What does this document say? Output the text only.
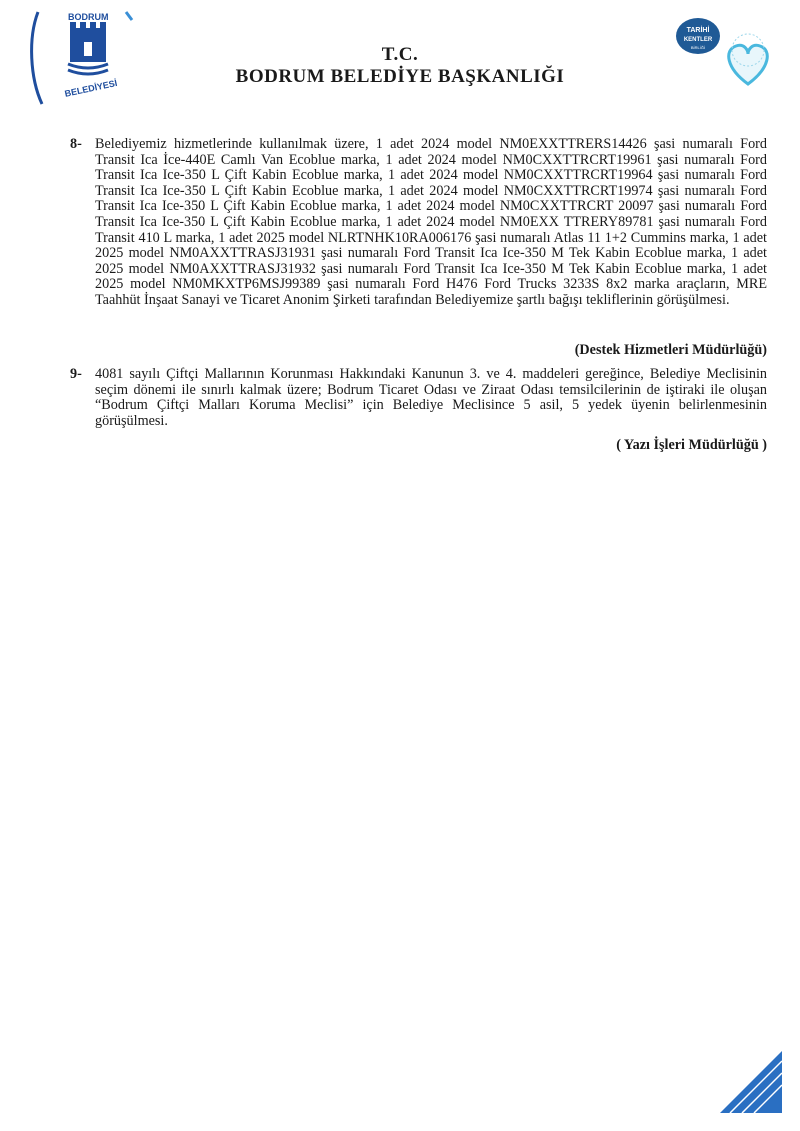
BODRUM
BELEDİYESİ
TARİHİ
KENTLER
BİRLİĞİ
T.C.
BODRUM BELEDİYE BAŞKANLIĞI
8- Belediyemiz hizmetlerinde kullanılmak üzere, 1 adet 2024 model NM0EXXTTRERS14426 şasi numaralı Ford Transit Ica İce-440E Camlı Van Ecoblue marka, 1 adet 2024 model NM0CXXTTRCRT19961 şasi numaralı Ford Transit Ica Ice-350 L Çift Kabin Ecoblue marka, 1 adet 2024 model NM0CXXTTRCRT19964 şasi numaralı Ford Transit Ica Ice-350 L Çift Kabin Ecoblue marka, 1 adet 2024 model NM0CXXTTRCRT19974 şasi numaralı Ford Transit Ica Ice-350 L Çift Kabin Ecoblue marka, 1 adet 2024 model NM0CXXTTRCRT 20097 şasi numaralı Ford Transit Ica Ice-350 L Çift Kabin Ecoblue marka, 1 adet 2024 model NM0EXX TTRERY89781 şasi numaralı Ford Transit 410 L marka, 1 adet 2025 model NLRTNHK10RA006176 şasi numaralı Atlas 11 1+2 Cummins marka, 1 adet 2025 model NM0AXXTTRASJ31931 şasi numaralı Ford Transit Ica Ice-350 M Tek Kabin Ecoblue marka, 1 adet 2025 model NM0AXXTTRASJ31932 şasi numaralı Ford Transit Ica Ice-350 M Tek Kabin Ecoblue marka, 1 adet 2025 model NM0MKXTP6MSJ99389 şasi numaralı Ford H476 Ford Trucks 3233S 8x2 marka araçların, MRE Taahhüt İnşaat Sanayi ve Ticaret Anonim Şirketi tarafından Belediyemize şartlı bağışı tekliflerinin görüşülmesi.
(Destek Hizmetleri Müdürlüğü)
9- 4081 sayılı Çiftçi Mallarının Korunması Hakkındaki Kanunun 3. ve 4. maddeleri gereğince, Belediye Meclisinin seçim dönemi ile sınırlı kalmak üzere; Bodrum Ticaret Odası ve Ziraat Odası temsilcilerinin de iştiraki ile oluşan “Bodrum Çiftçi Malları Koruma Meclisi” için Belediye Meclisince 5 asil, 5 yedek üyenin belirlenmesinin görüşülmesi.
( Yazı İşleri Müdürlüğü )
